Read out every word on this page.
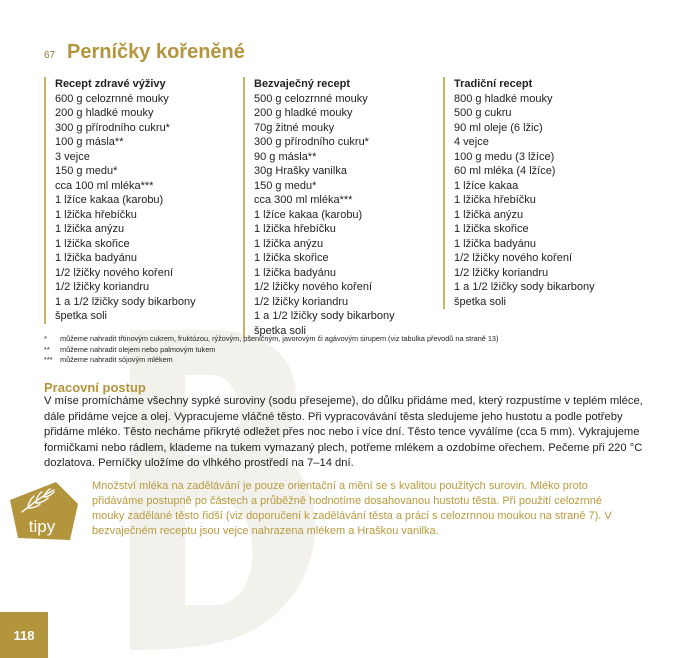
67 Perníčky kořeněné
Recept zdravé výživy
600 g celozrnné mouky
200 g hladké mouky
300 g přírodního cukru*
100 g másla**
3 vejce
150 g medu*
cca 100 ml mléka***
1 lžíce kakaa (karobu)
1 lžička hřebíčku
1 lžička anýzu
1 lžička skořice
1 lžička badyánu
1/2 lžičky nového koření
1/2 lžičky koriandru
1 a 1/2 lžičky sody bikarbony
špetka soli
Bezvaječný recept
500 g celozrnné mouky
200 g hladké mouky
70g žitné mouky
300 g přírodního cukru*
90 g másla**
30g Hrašky vanilka
150 g medu*
cca 300 ml mléka***
1 lžíce kakaa (karobu)
1 lžička hřebíčku
1 lžička anýzu
1 lžička skořice
1 lžička badyánu
1/2 lžičky nového koření
1/2 lžičky koriandru
1 a 1/2 lžičky sody bikarbony
špetka soli
Tradiční recept
800 g hladké mouky
500 g cukru
90 ml oleje (6 lžic)
4 vejce
100 g medu (3 lžíce)
60 ml mléka (4 lžíce)
1 lžíce kakaa
1 lžička hřebíčku
1 lžička anýzu
1 lžička skořice
1 lžička badyánu
1/2 lžičky nového koření
1/2 lžičky koriandru
1 a 1/2 lžičky sody bikarbony
špetka soli
*	můžeme nahradit třtinovým cukrem, fruktózou, rýžovým, pšeničným, javorovým či agávovým sirupem (viz tabulka převodů na straně 13)
**	můžeme nahradit olejem nebo palmovým tukem
***	můžeme nahradit sójovým mlékem
Pracovní postup
V míse promícháme všechny sypké suroviny (sodu přesejeme), do důlku přidáme med, který rozpustíme v teplém mléce, dále přidáme vejce a olej. Vypracujeme vláčné těsto. Při vypracovávání těsta sledujeme jeho hustotu a podle potřeby přidáme mléko. Těsto necháme přikryté odležet přes noc nebo i více dní. Těsto tence vyválíme (cca 5 mm). Vykrajujeme formičkami nebo rádlem, klademe na tukem vymazaný plech, potřeme mlékem a ozdobíme ořechem. Pečeme při 220 °C dozlatova. Perníčky uložíme do vlhkého prostředí na 7–14 dní.
tipy
Množství mléka na zadělávání je pouze orientační a mění se s kvalitou použitých surovin. Mléko proto přidáváme postupně po částech a průběžně hodnotíme dosahovanou hustotu těsta. Při použití celozrnné mouky zadělané těsto řidší (viz doporučení k zadělávání těsta a práci s celozrnnou moukou na straně 7). V bezvaječném receptu jsou vejce nahrazena mlékem a Hraškou vanilka.
118
